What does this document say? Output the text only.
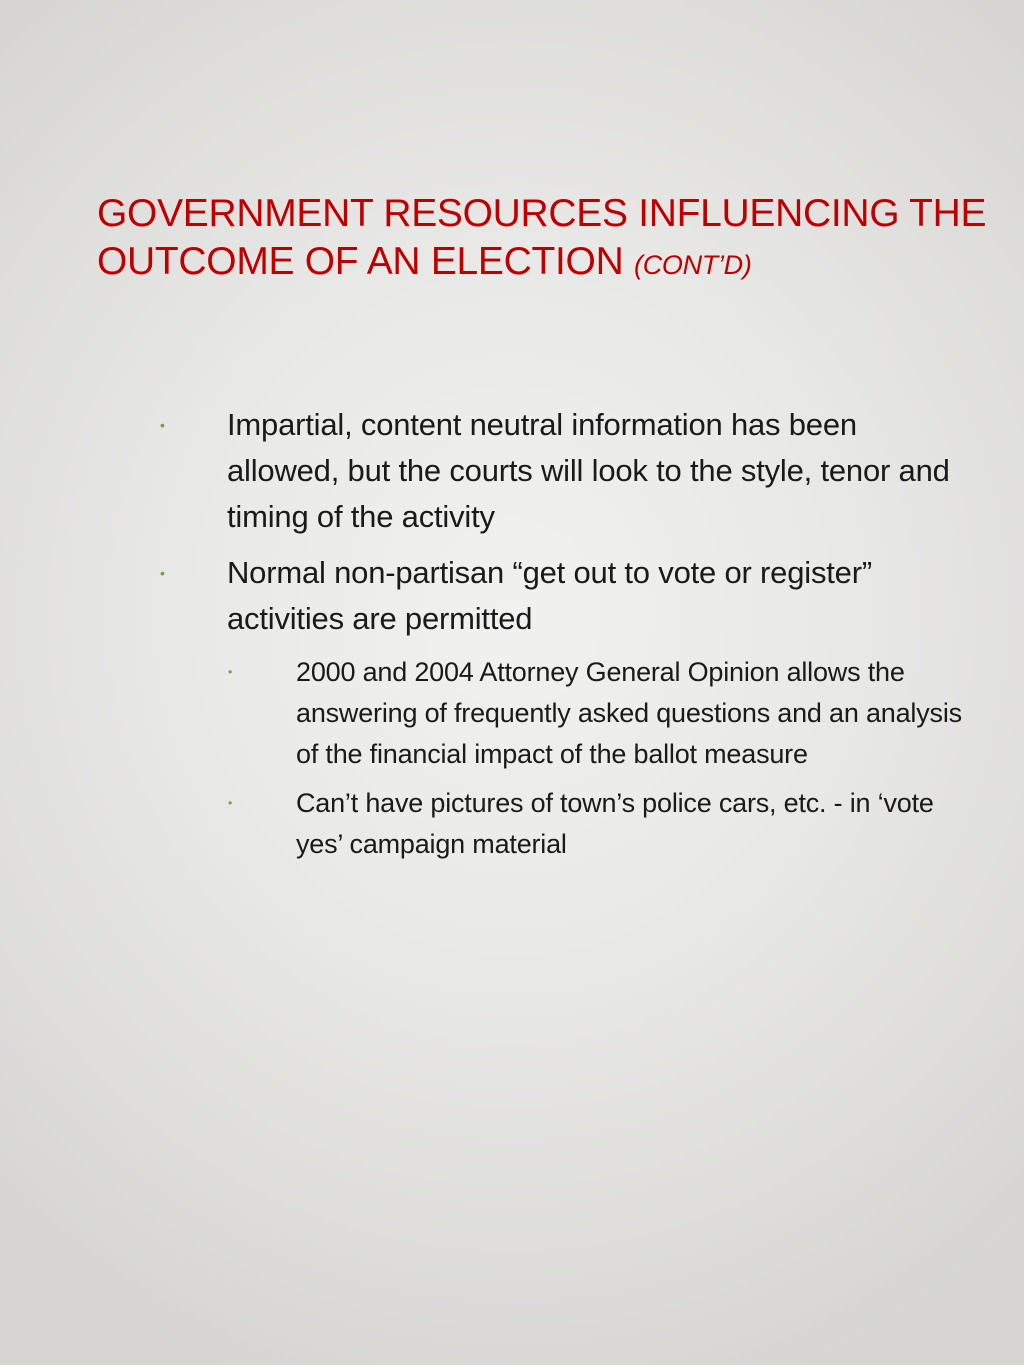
GOVERNMENT RESOURCES INFLUENCING THE OUTCOME OF AN ELECTION (CONT’D)
• Impartial, content neutral information has been allowed, but the courts will look to the style, tenor and timing of the activity
• Normal non-partisan “get out to vote or register” activities are permitted
• 2000 and 2004 Attorney General Opinion allows the answering of frequently asked questions and an analysis of the financial impact of the ballot measure
• Can’t have pictures of town’s police cars, etc. - in ‘vote yes’ campaign material
